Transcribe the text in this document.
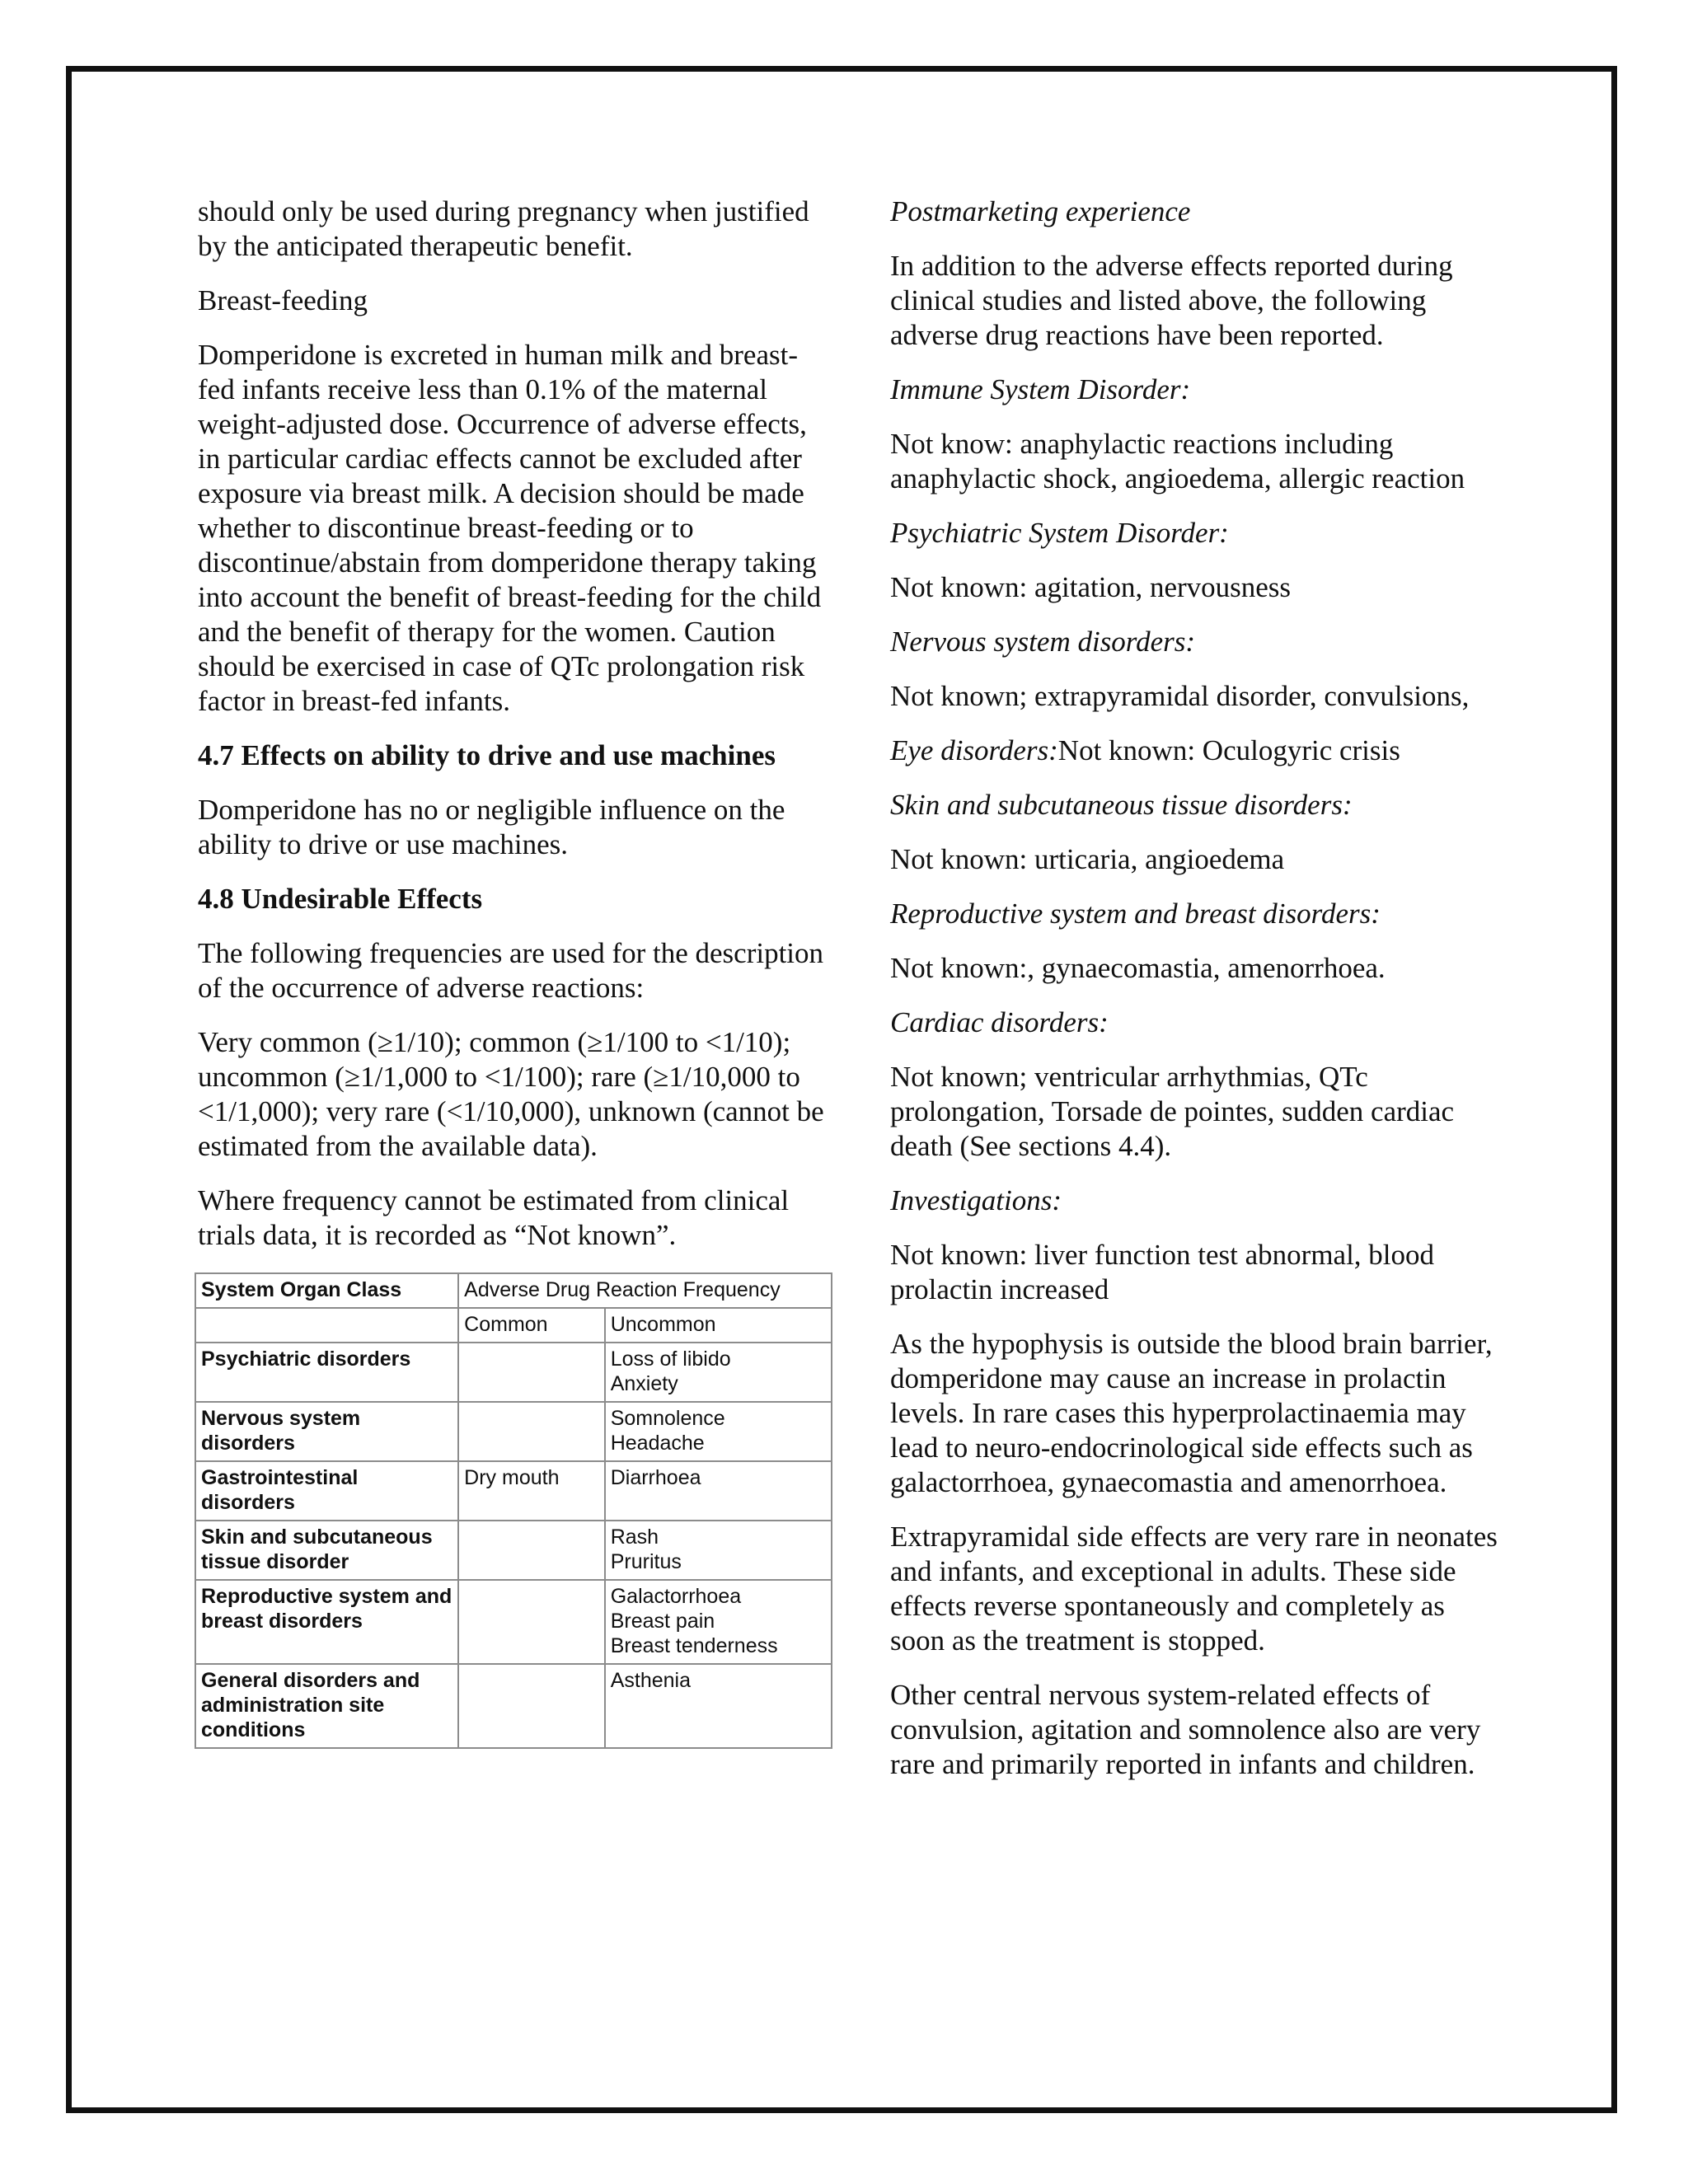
should only be used during pregnancy when justified by the anticipated therapeutic benefit.

Breast-feeding

Domperidone is excreted in human milk and breast-fed infants receive less than 0.1% of the maternal weight-adjusted dose. Occurrence of adverse effects, in particular cardiac effects cannot be excluded after exposure via breast milk. A decision should be made whether to discontinue breast-feeding or to discontinue/abstain from domperidone therapy taking into account the benefit of breast-feeding for the child and the benefit of therapy for the women. Caution should be exercised in case of QTc prolongation risk factor in breast-fed infants.

4.7 Effects on ability to drive and use machines

Domperidone has no or negligible influence on the ability to drive or use machines.

4.8 Undesirable Effects

The following frequencies are used for the description of the occurrence of adverse reactions:

Very common (≥1/10); common (≥1/100 to <1/10); uncommon (≥1/1,000 to <1/100); rare (≥1/10,000 to <1/1,000); very rare (<1/10,000), unknown (cannot be estimated from the available data).

Where frequency cannot be estimated from clinical trials data, it is recorded as “Not known”.

System Organ Class	Adverse Drug Reaction Frequency	
	Common	Uncommon
Psychiatric disorders		Loss of libido
Anxiety

Nervous system disorders		Somnolence
Headache

Gastrointestinal disorders	Dry mouth	Diarrhoea

Skin and subcutaneous tissue disorder		Rash
Pruritus

Reproductive system and breast disorders		Galactorrhoea
Breast pain
Breast tenderness

General disorders and administration site conditions		Asthenia

Postmarketing experience

In addition to the adverse effects reported during clinical studies and listed above, the following adverse drug reactions have been reported.

Immune System Disorder:

Not know: anaphylactic reactions including anaphylactic shock, angioedema, allergic reaction

Psychiatric System Disorder:

Not known: agitation, nervousness

Nervous system disorders:

Not known; extrapyramidal disorder, convulsions,

Eye disorders:Not known: Oculogyric crisis

Skin and subcutaneous tissue disorders:

Not known: urticaria, angioedema

Reproductive system and breast disorders:

Not known:, gynaecomastia, amenorrhoea.

Cardiac disorders:

Not known; ventricular arrhythmias, QTc prolongation, Torsade de pointes, sudden cardiac death (See sections 4.4).

Investigations:

Not known: liver function test abnormal, blood prolactin increased

As the hypophysis is outside the blood brain barrier, domperidone may cause an increase in prolactin levels. In rare cases this hyperprolactinaemia may lead to neuro-endocrinological side effects such as galactorrhoea, gynaecomastia and amenorrhoea.

Extrapyramidal side effects are very rare in neonates and infants, and exceptional in adults. These side effects reverse spontaneously and completely as soon as the treatment is stopped.

Other central nervous system-related effects of convulsion, agitation and somnolence also are very rare and primarily reported in infants and children.
